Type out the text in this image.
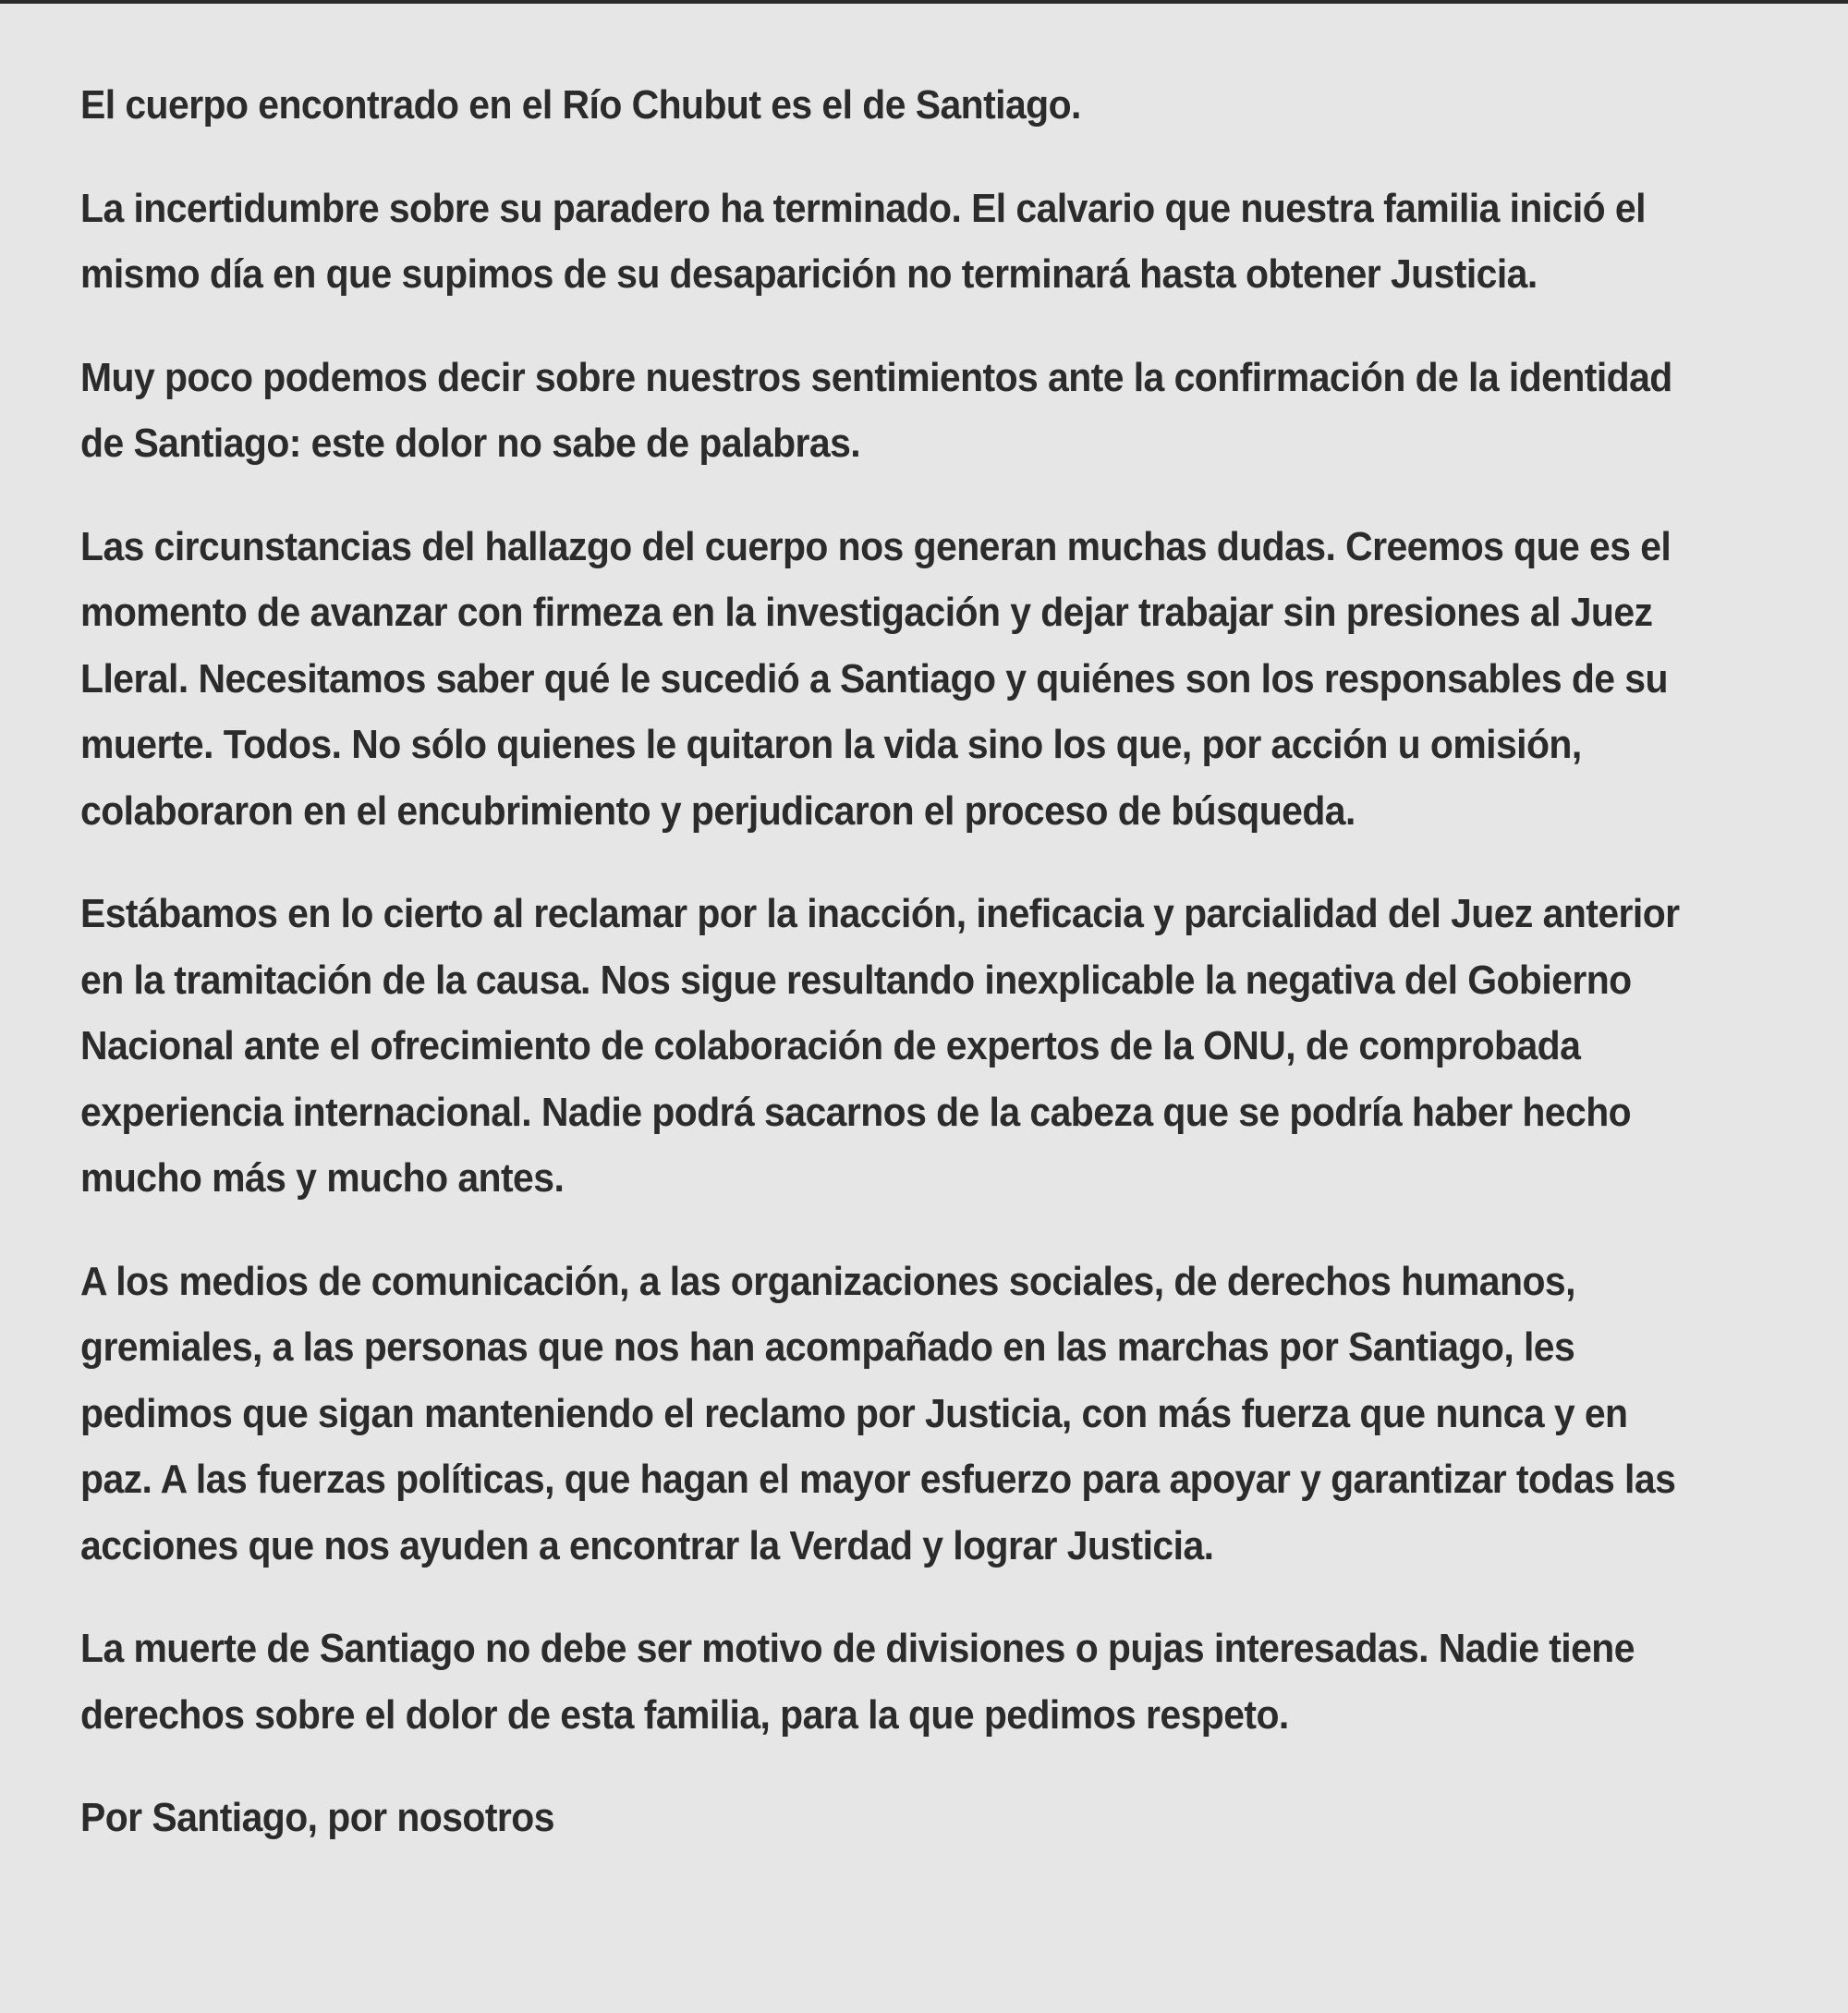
El cuerpo encontrado en el Río Chubut es el de Santiago.

La incertidumbre sobre su paradero ha terminado. El calvario que nuestra familia inició el mismo día en que supimos de su desaparición no terminará hasta obtener Justicia.

Muy poco podemos decir sobre nuestros sentimientos ante la confirmación de la identidad de Santiago: este dolor no sabe de palabras.

Las circunstancias del hallazgo del cuerpo nos generan muchas dudas. Creemos que es el momento de avanzar con firmeza en la investigación y dejar trabajar sin presiones al Juez Lleral. Necesitamos saber qué le sucedió a Santiago y quiénes son los responsables de su muerte. Todos. No sólo quienes le quitaron la vida sino los que, por acción u omisión, colaboraron en el encubrimiento y perjudicaron el proceso de búsqueda.

Estábamos en lo cierto al reclamar por la inacción, ineficacia y parcialidad del Juez anterior en la tramitación de la causa. Nos sigue resultando inexplicable la negativa del Gobierno Nacional ante el ofrecimiento de colaboración de expertos de la ONU, de comprobada experiencia internacional. Nadie podrá sacarnos de la cabeza que se podría haber hecho mucho más y mucho antes.

A los medios de comunicación, a las organizaciones sociales, de derechos humanos, gremiales, a las personas que nos han acompañado en las marchas por Santiago, les pedimos que sigan manteniendo el reclamo por Justicia, con más fuerza que nunca y en paz. A las fuerzas políticas, que hagan el mayor esfuerzo para apoyar y garantizar todas las acciones que nos ayuden a encontrar la Verdad y lograr Justicia.

La muerte de Santiago no debe ser motivo de divisiones o pujas interesadas. Nadie tiene derechos sobre el dolor de esta familia, para la que pedimos respeto.

Por Santiago, por nosotros
